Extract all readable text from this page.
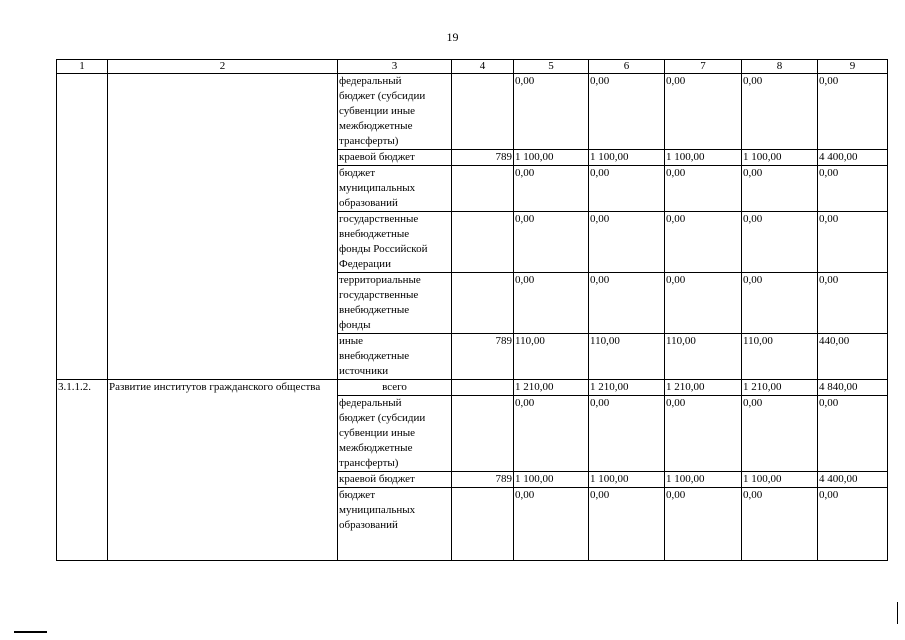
19
1	2	3	4	5	6	7	8	9
		федеральный
бюджет (субсидии
субвенции иные
межбюджетные
трансферты)		0,00	0,00	0,00	0,00	0,00
		краевой бюджет	789	1 100,00	1 100,00	1 100,00	1 100,00	4 400,00
		бюджет
муниципальных
образований		0,00	0,00	0,00	0,00	0,00
		государственные
внебюджетные
фонды Российской
Федерации		0,00	0,00	0,00	0,00	0,00
		территориальные
государственные
внебюджетные
фонды		0,00	0,00	0,00	0,00	0,00
		иные
внебюджетные
источники	789	110,00	110,00	110,00	110,00	440,00
3.1.1.2.	Развитие институтов гражданского общества	всего		1 210,00	1 210,00	1 210,00	1 210,00	4 840,00
		федеральный
бюджет (субсидии
субвенции иные
межбюджетные
трансферты)		0,00	0,00	0,00	0,00	0,00
		краевой бюджет	789	1 100,00	1 100,00	1 100,00	1 100,00	4 400,00
		бюджет
муниципальных
образований		0,00	0,00	0,00	0,00	0,00
